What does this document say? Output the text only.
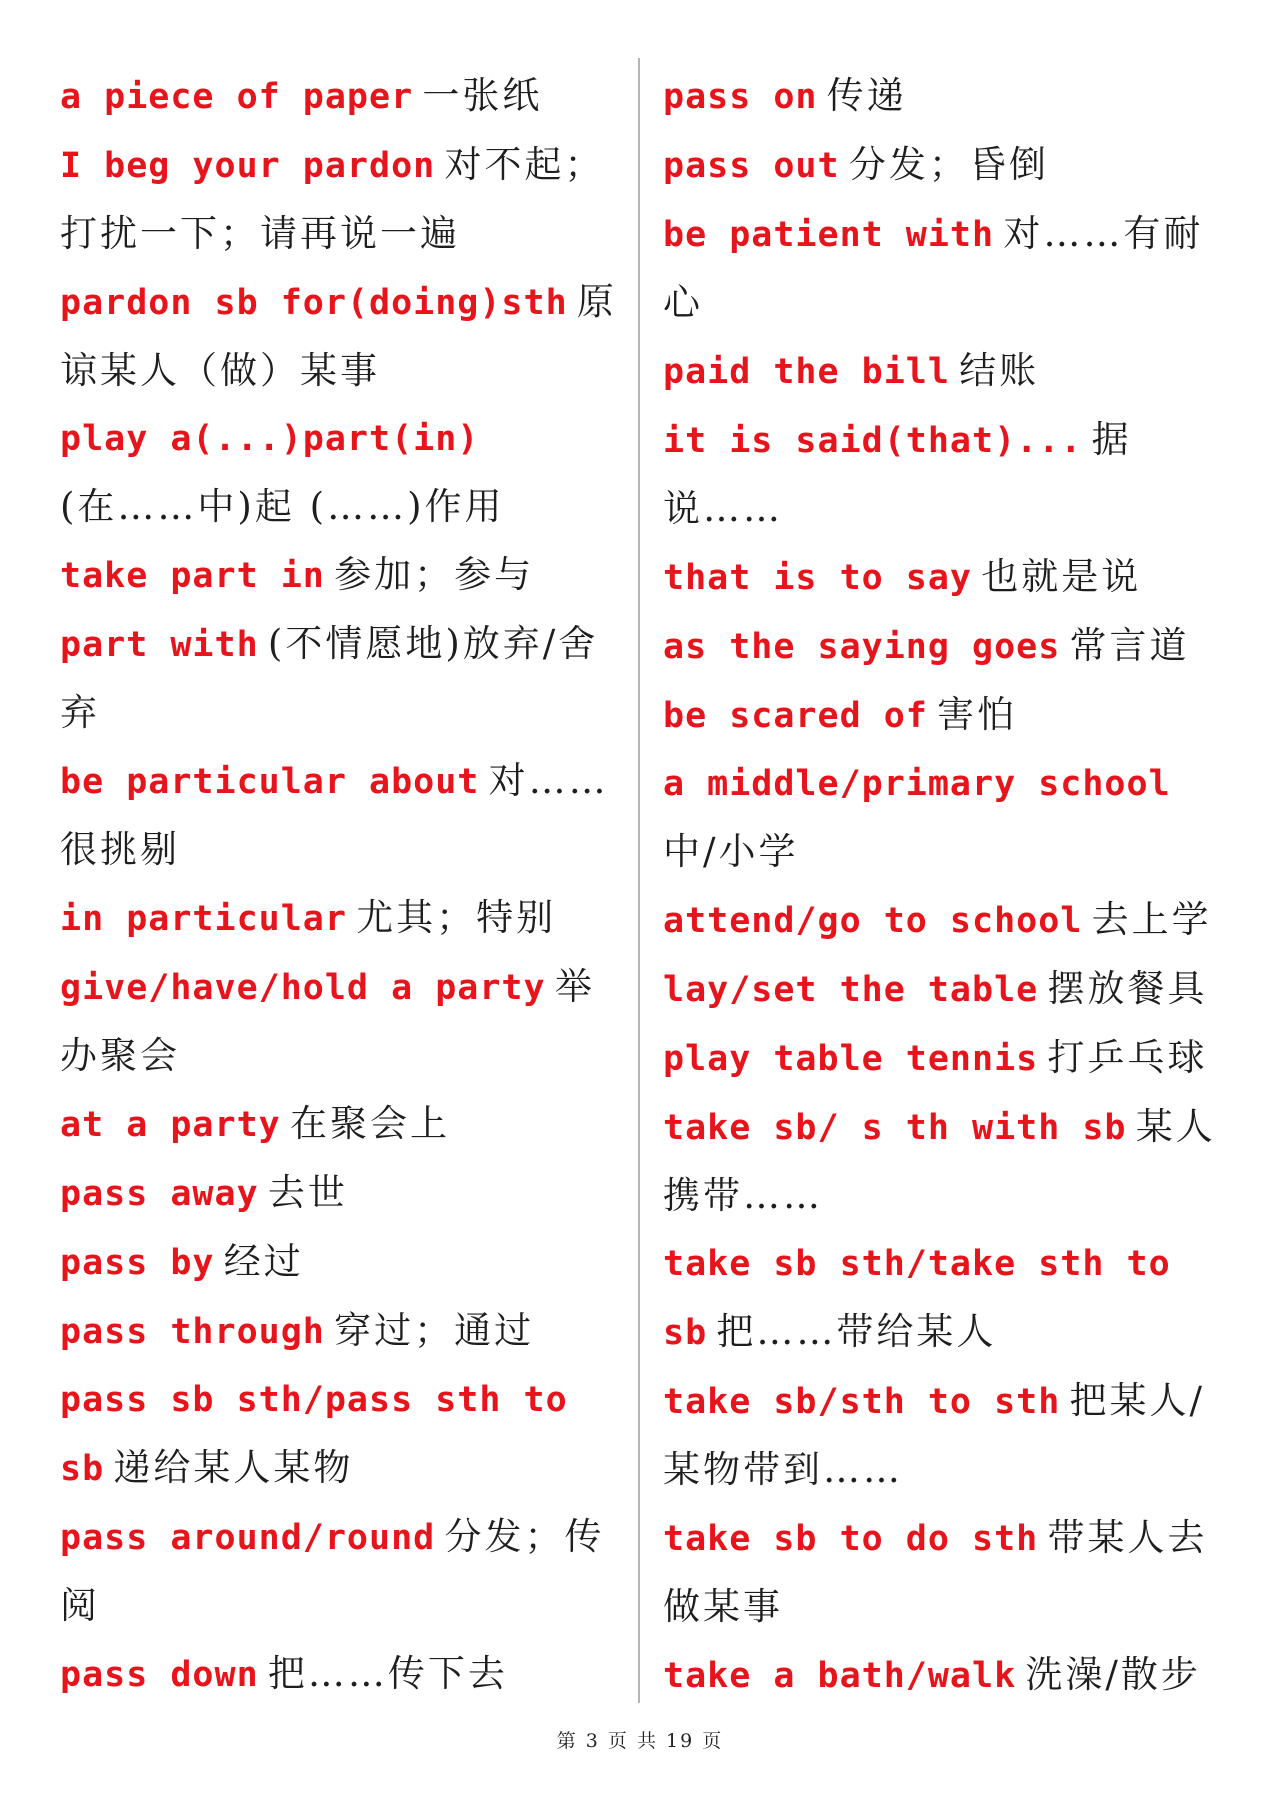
a piece of paper 一张纸
I beg your pardon 对不起；打扰一下；请再说一遍
pardon sb for(doing)sth 原谅某人（做）某事
play a(...)part(in) (在……中)起 (……)作用
take part in 参加；参与
part with (不情愿地)放弃/舍弃
be particular about 对……很挑剔
in particular 尤其；特别
give/have/hold a party 举办聚会
at a party 在聚会上
pass away 去世
pass by 经过
pass through 穿过；通过
pass sb sth/pass sth to sb 递给某人某物
pass around/round 分发；传阅
pass down 把……传下去
pass on 传递
pass out 分发；昏倒
be patient with 对……有耐心
paid the bill 结账
it is said(that)... 据说……
that is to say 也就是说
as the saying goes 常言道
be scared of 害怕
a middle/primary school 中/小学
attend/go to school 去上学
lay/set the table 摆放餐具
play table tennis 打乒乓球
take sb/ s th with sb 某人携带……
take sb sth/take sth to sb 把……带给某人
take sb/sth to sth 把某人/某物带到……
take sb to do sth 带某人去做某事
take a bath/walk 洗澡/散步
第 3 页 共 19 页
